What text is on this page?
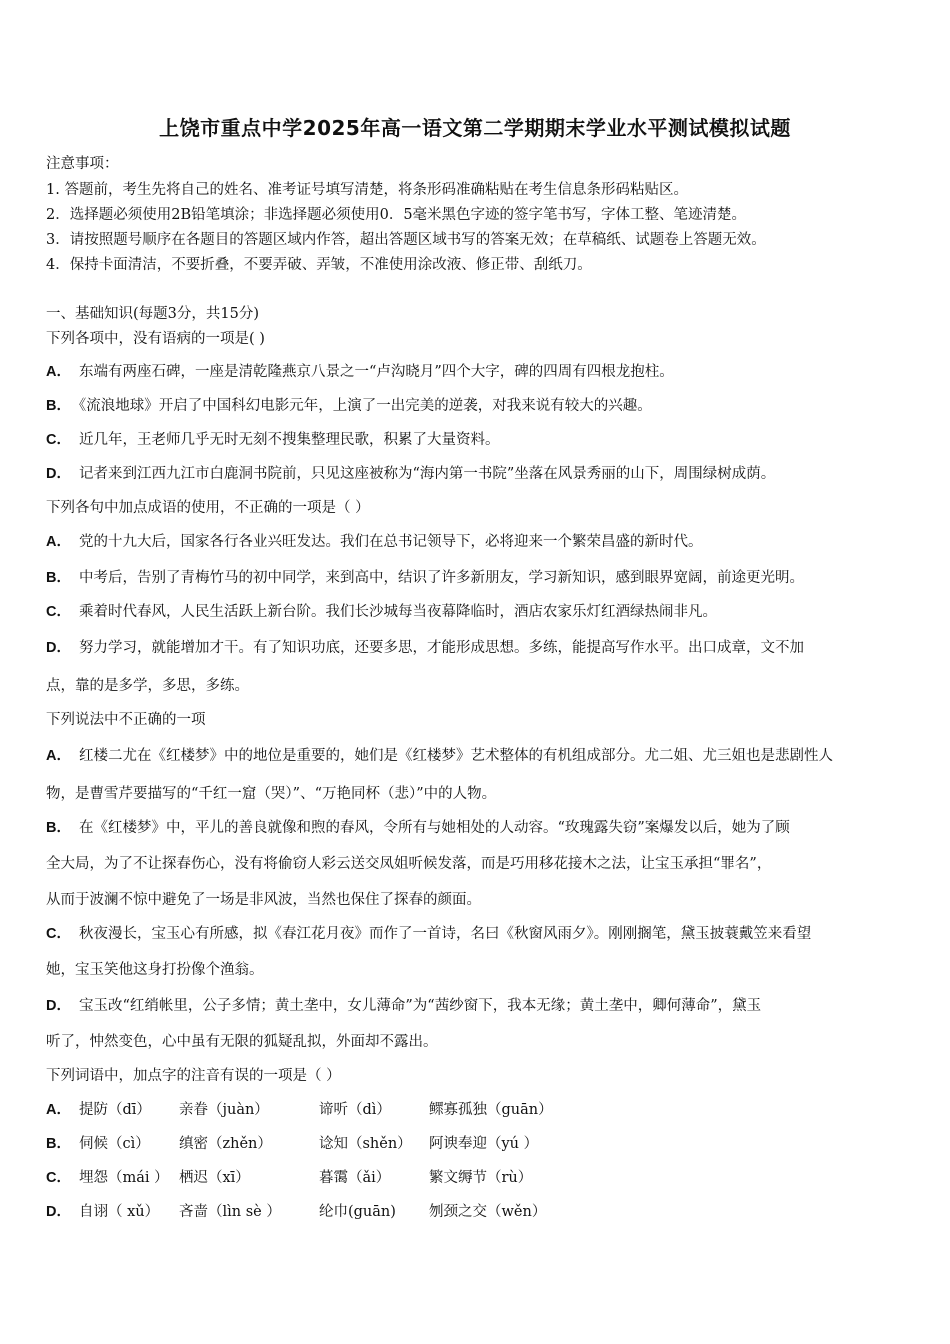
上饶市重点中学2025年高一语文第二学期期末学业水平测试模拟试题
注意事项：
1. 答题前，考生先将自己的姓名、准考证号填写清楚，将条形码准确粘贴在考生信息条形码粘贴区。
2．选择题必须使用2B铅笔填涂；非选择题必须使用0．5毫米黑色字迹的签字笔书写，字体工整、笔迹清楚。
3．请按照题号顺序在各题目的答题区域内作答，超出答题区域书写的答案无效；在草稿纸、试题卷上答题无效。
4．保持卡面清洁，不要折叠，不要弄破、弄皱，不准使用涂改液、修正带、刮纸刀。
一、基础知识(每题3分，共15分)
下列各项中，没有语病的一项是( )
A． 东端有两座石碑，一座是清乾隆燕京八景之一“卢沟晓月”四个大字，碑的四周有四根龙抱柱。
B． 《流浪地球》开启了中国科幻电影元年，上演了一出完美的逆袭，对我来说有较大的兴趣。
C． 近几年，王老师几乎无时无刻不搜集整理民歌，积累了大量资料。
D． 记者来到江西九江市白鹿洞书院前，只见这座被称为“海内第一书院”坐落在风景秀丽的山下，周围绿树成荫。
下列各句中加点成语的使用，不正确的一项是（ ）
A． 党的十九大后，国家各行各业兴旺发达。我们在总书记领导下，必将迎来一个繁荣昌盛的新时代。
B． 中考后，告别了青梅竹马的初中同学，来到高中，结识了许多新朋友，学习新知识，感到眼界宽阔，前途更光明。
C． 乘着时代春风，人民生活跃上新台阶。我们长沙城每当夜幕降临时，酒店农家乐灯红酒绿热闹非凡。
D． 努力学习，就能增加才干。有了知识功底，还要多思，才能形成思想。多练，能提高写作水平。出口成章，文不加
点，靠的是多学，多思，多练。
下列说法中不正确的一项
A． 红楼二尤在《红楼梦》中的地位是重要的，她们是《红楼梦》艺术整体的有机组成部分。尤二姐、尤三姐也是悲剧性人
物，是曹雪芹要描写的“千红一窟（哭）”、“万艳同杯（悲）”中的人物。
B． 在《红楼梦》中，平儿的善良就像和煦的春风，令所有与她相处的人动容。“玫瑰露失窃”案爆发以后，她为了顾
全大局，为了不让探春伤心，没有将偷窃人彩云送交凤姐听候发落，而是巧用移花接木之法，让宝玉承担“罪名”，
从而于波澜不惊中避免了一场是非风波，当然也保住了探春的颜面。
C． 秋夜漫长，宝玉心有所感，拟《春江花月夜》而作了一首诗，名曰《秋窗风雨夕》。刚刚搁笔，黛玉披蓑戴笠来看望
她，宝玉笑他这身打扮像个渔翁。
D． 宝玉改“红绡帐里，公子多情；黄土垄中，女儿薄命”为“茜纱窗下，我本无缘；黄土垄中，卿何薄命”，黛玉
听了，忡然变色，心中虽有无限的狐疑乱拟，外面却不露出。
下列词语中，加点字的注音有误的一项是（ ）
A． 提防（dī）	亲眷（juàn）	谛听（dì）	鳏寡孤独（guān）
B． 伺候（cì）	缜密（zhěn）	谂知（shěn）	阿谀奉迎（yú ）
C． 埋怨（mái ） 栖迟（xī）	暮霭（ǎi）	繁文缛节（rù）
D． 自诩（ xǔ）	吝啬（lìn sè ）	纶巾(guān)	刎颈之交（wěn）
